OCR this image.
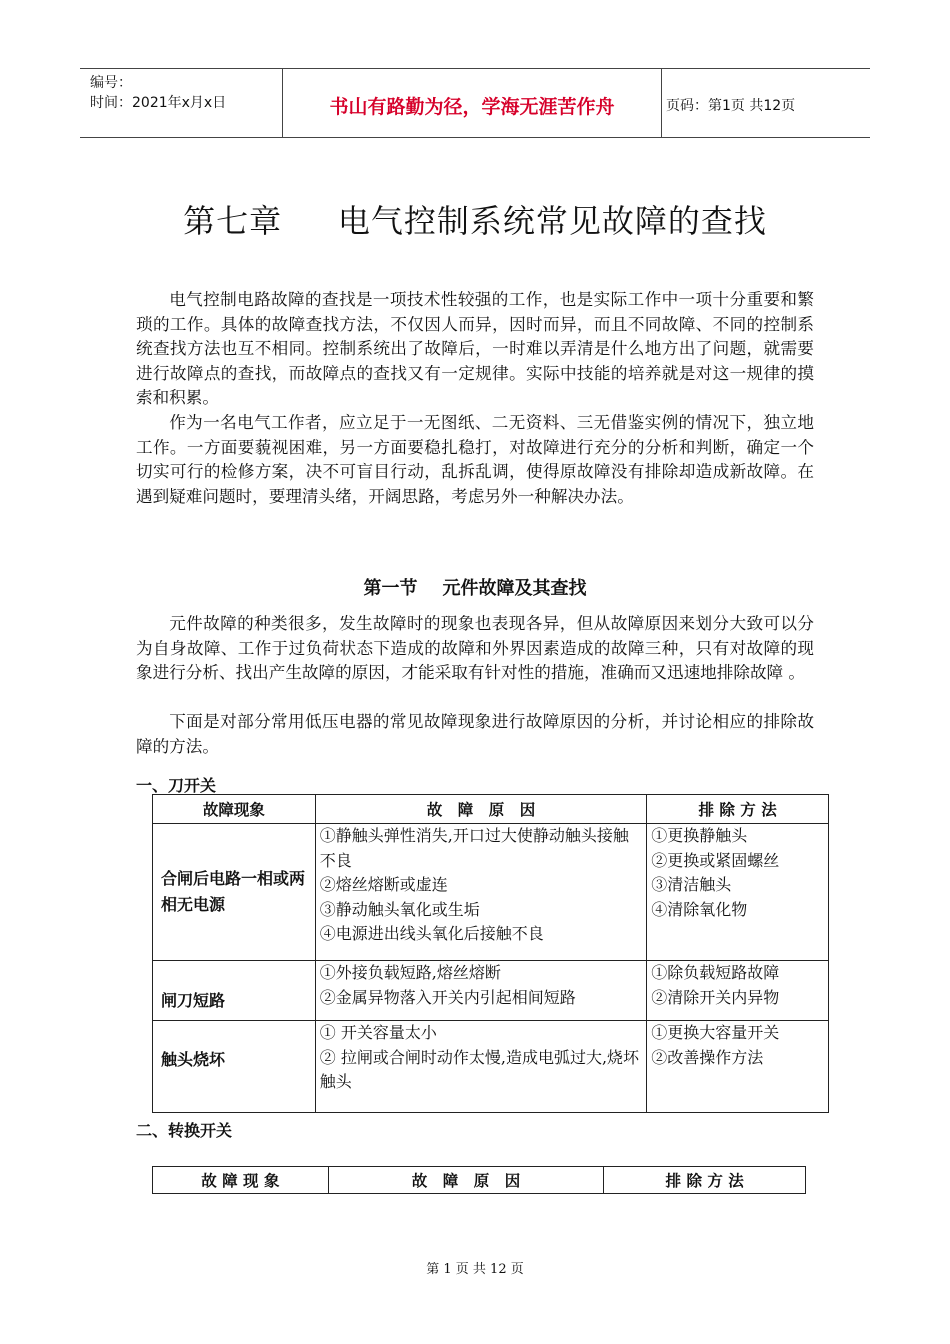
编号：
时间：2021年x月x日	书山有路勤为径，学海无涯苦作舟	页码：第1页 共12页
第七章     电气控制系统常见故障的查找

电气控制电路故障的查找是一项技术性较强的工作，也是实际工作中一项十分重要和繁琐的工作。具体的故障查找方法，不仅因人而异，因时而异，而且不同故障、不同的控制系统查找方法也互不相同。控制系统出了故障后，一时难以弄清是什么地方出了问题，就需要进行故障点的查找，而故障点的查找又有一定规律。实际中技能的培养就是对这一规律的摸索和积累。

作为一名电气工作者，应立足于一无图纸、二无资料、三无借鉴实例的情况下，独立地工作。一方面要藐视困难，另一方面要稳扎稳打，对故障进行充分的分析和判断，确定一个切实可行的检修方案，决不可盲目行动，乱拆乱调，使得原故障没有排除却造成新故障。在遇到疑难问题时，要理清头绪，开阔思路，考虑另外一种解决办法。

第一节    元件故障及其查找

元件故障的种类很多，发生故障时的现象也表现各异，但从故障原因来划分大致可以分为自身故障、工作于过负荷状态下造成的故障和外界因素造成的故障三种，只有对故障的现象进行分析、找出产生故障的原因，才能采取有针对性的措施，准确而又迅速地排除故障 。

下面是对部分常用低压电器的常见故障现象进行故障原因的分析，并讨论相应的排除故障的方法。

一、刀开关
故障现象	故　障　原　因	排 除 方 法
合闸后电路一相或两相无电源	①静触头弹性消失,开口过大使静动触头接触不良
②熔丝熔断或虚连
③静动触头氧化或生垢
④电源进出线头氧化后接触不良	①更换静触头
②更换或紧固螺丝
③清洁触头
④清除氧化物

闸刀短路	①外接负载短路,熔丝熔断
②金属异物落入开关内引起相间短路	①除负载短路故障
②清除开关内异物

触头烧坏	① 开关容量太小
② 拉闸或合闸时动作太慢,造成电弧过大,烧坏触头	①更换大容量开关
②改善操作方法
二、转换开关
故 障 现 象	故　障　原　因	排 除 方 法
第 1 页 共 12 页
